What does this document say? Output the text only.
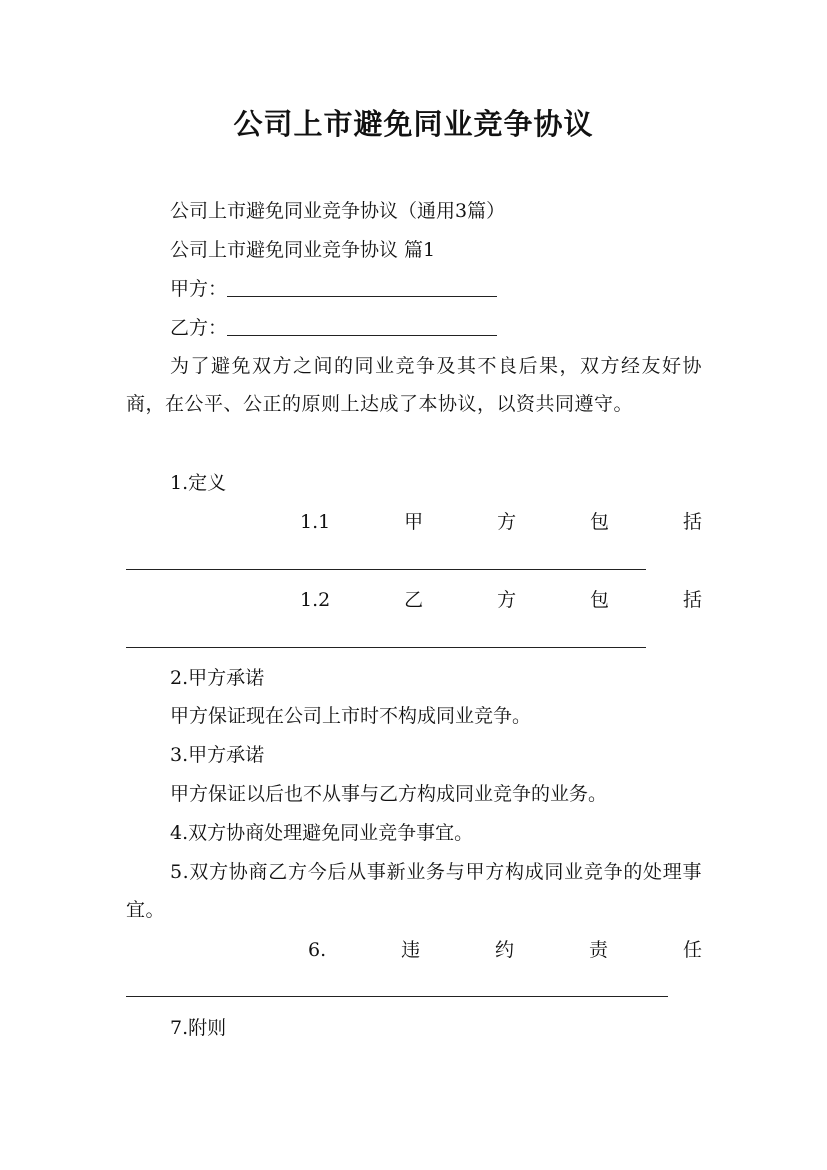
公司上市避免同业竞争协议
公司上市避免同业竞争协议（通用3篇）
公司上市避免同业竞争协议 篇1
甲方：
乙方：

为了避免双方之间的同业竞争及其不良后果，双方经友好协商，在公平、公正的原则上达成了本协议，以资共同遵守。

1.定义
1.1	甲	方	包	括
1.2	乙	方	包	括
2.甲方承诺
甲方保证现在公司上市时不构成同业竞争。
3.甲方承诺
甲方保证以后也不从事与乙方构成同业竞争的业务。
4.双方协商处理避免同业竞争事宜。

5.双方协商乙方今后从事新业务与甲方构成同业竞争的处理事宜。

6.	违	约	责	任
7.附则
